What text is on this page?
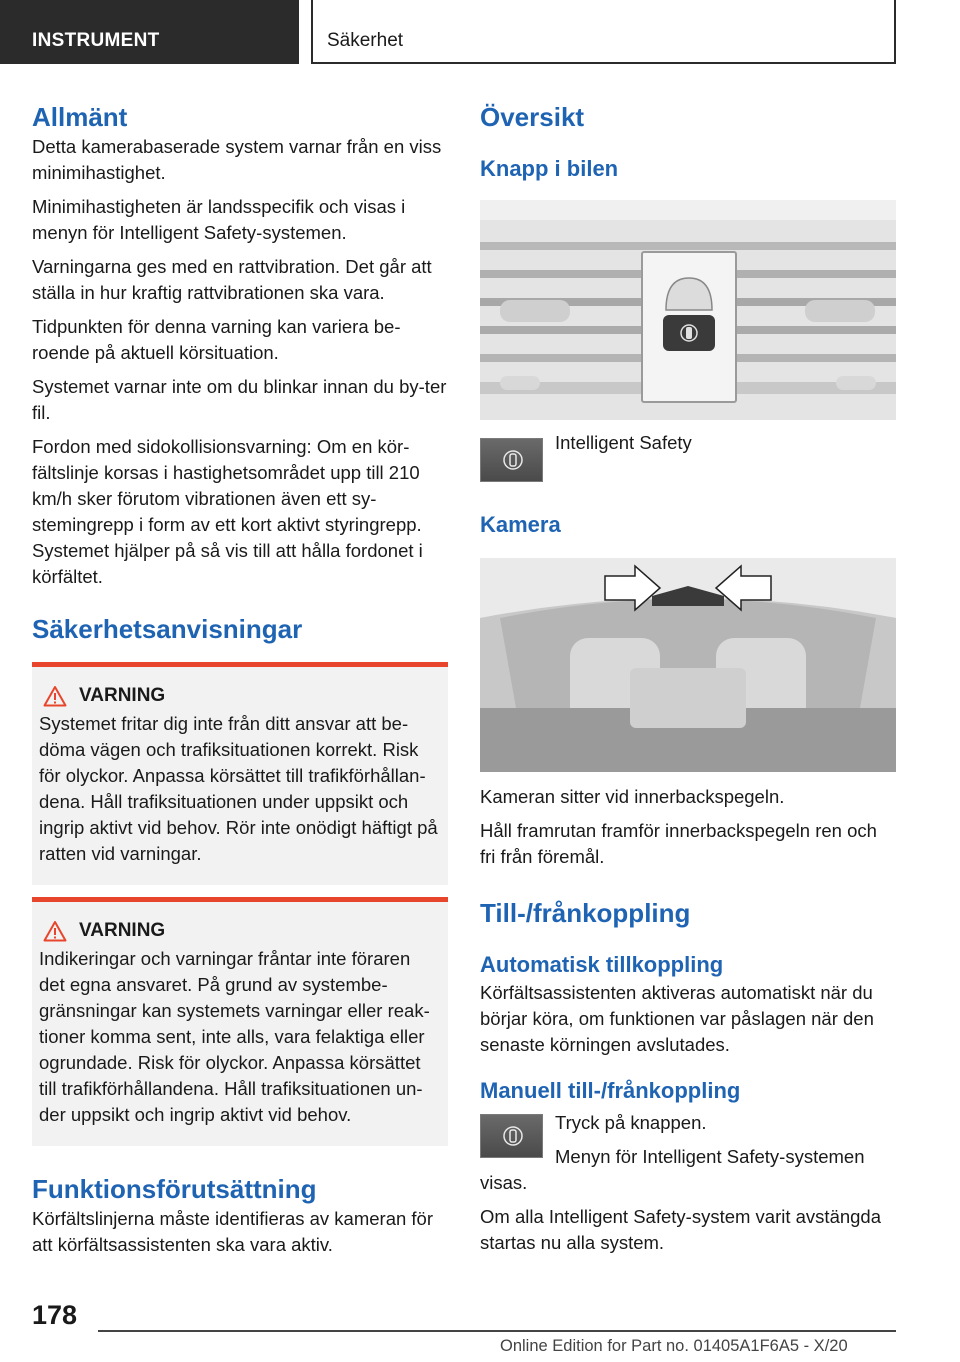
INSTRUMENT	Säkerhet
Allmänt

Detta kamerabaserade system varnar från en viss minimihastighet.

Minimihastigheten är landsspecifik och visas i menyn för Intelligent Safety-systemen.

Varningarna ges med en rattvibration. Det går att ställa in hur kraftig rattvibrationen ska vara.

Tidpunkten för denna varning kan variera be-roende på aktuell körsituation.

Systemet varnar inte om du blinkar innan du by-ter fil.

Fordon med sidokollisionsvarning: Om en kör-fältslinje korsas i hastighetsområdet upp till 210 km/h sker förutom vibrationen även ett sy-stemingrepp i form av ett kort aktivt styringrepp. Systemet hjälper på så vis till att hålla fordonet i körfältet.

Säkerhetsanvisningar
VARNING

Systemet fritar dig inte från ditt ansvar att be-döma vägen och trafiksituationen korrekt. Risk för olyckor. Anpassa körsättet till trafikförhållan-dena. Håll trafiksituationen under uppsikt och ingrip aktivt vid behov. Rör inte onödigt häftigt på ratten vid varningar.

VARNING

Indikeringar och varningar fråntar inte föraren det egna ansvaret. På grund av systembe-gränsningar kan systemets varningar eller reak-tioner komma sent, inte alls, vara felaktiga eller ogrundade. Risk för olyckor. Anpassa körsättet till trafikförhållandena. Håll trafiksituationen un-der uppsikt och ingrip aktivt vid behov.

Funktionsförutsättning

Körfältslinjerna måste identifieras av kameran för att körfältsassistenten ska vara aktiv.

Översikt
Knapp i bilen
Intelligent Safety
Kamera

Kameran sitter vid innerbackspegeln.

Håll framrutan framför innerbackspegeln ren och fri från föremål.

Till-/frånkoppling
Automatisk tillkoppling

Körfältsassistenten aktiveras automatiskt när du börjar köra, om funktionen var påslagen när den senaste körningen avslutades.

Manuell till-/frånkoppling

Tryck på knappen.

Menyn för Intelligent Safety-systemen visas.

Om alla Intelligent Safety-system varit avstängda startas nu alla system.

178
Online Edition for Part no. 01405A1F6A5 - X/20
